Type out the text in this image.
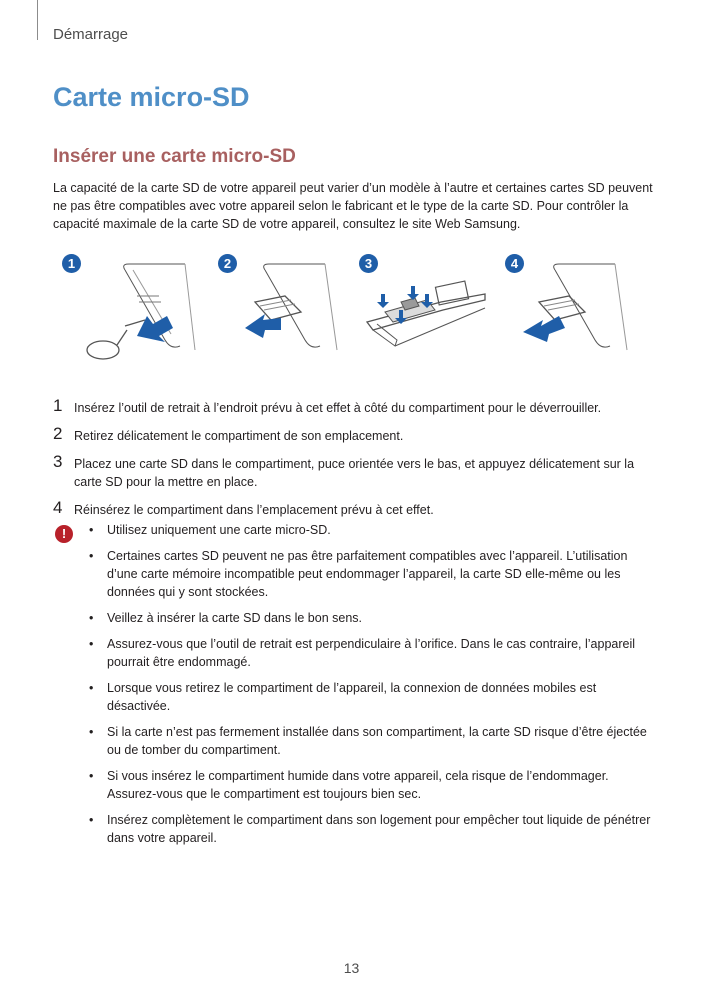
Démarrage
Carte micro-SD
Insérer une carte micro-SD
La capacité de la carte SD de votre appareil peut varier d’un modèle à l’autre et certaines cartes SD peuvent ne pas être compatibles avec votre appareil selon le fabricant et le type de la carte SD. Pour contrôler la capacité maximale de la carte SD de votre appareil, consultez le site Web Samsung.
1	2	3	4
1 Insérez l’outil de retrait à l’endroit prévu à cet effet à côté du compartiment pour le déverrouiller.
2 Retirez délicatement le compartiment de son emplacement.
3 Placez une carte SD dans le compartiment, puce orientée vers le bas, et appuyez délicatement sur la carte SD pour la mettre en place.
4 Réinsérez le compartiment dans l’emplacement prévu à cet effet.
!	• Utilisez uniquement une carte micro-SD.
• Certaines cartes SD peuvent ne pas être parfaitement compatibles avec l’appareil. L’utilisation d’une carte mémoire incompatible peut endommager l’appareil, la carte SD elle-même ou les données qui y sont stockées.
• Veillez à insérer la carte SD dans le bon sens.
• Assurez-vous que l’outil de retrait est perpendiculaire à l’orifice. Dans le cas contraire, l’appareil pourrait être endommagé.
• Lorsque vous retirez le compartiment de l’appareil, la connexion de données mobiles est désactivée.
• Si la carte n’est pas fermement installée dans son compartiment, la carte SD risque d’être éjectée ou de tomber du compartiment.
• Si vous insérez le compartiment humide dans votre appareil, cela risque de l’endommager. Assurez-vous que le compartiment est toujours bien sec.
• Insérez complètement le compartiment dans son logement pour empêcher tout liquide de pénétrer dans votre appareil.
13
